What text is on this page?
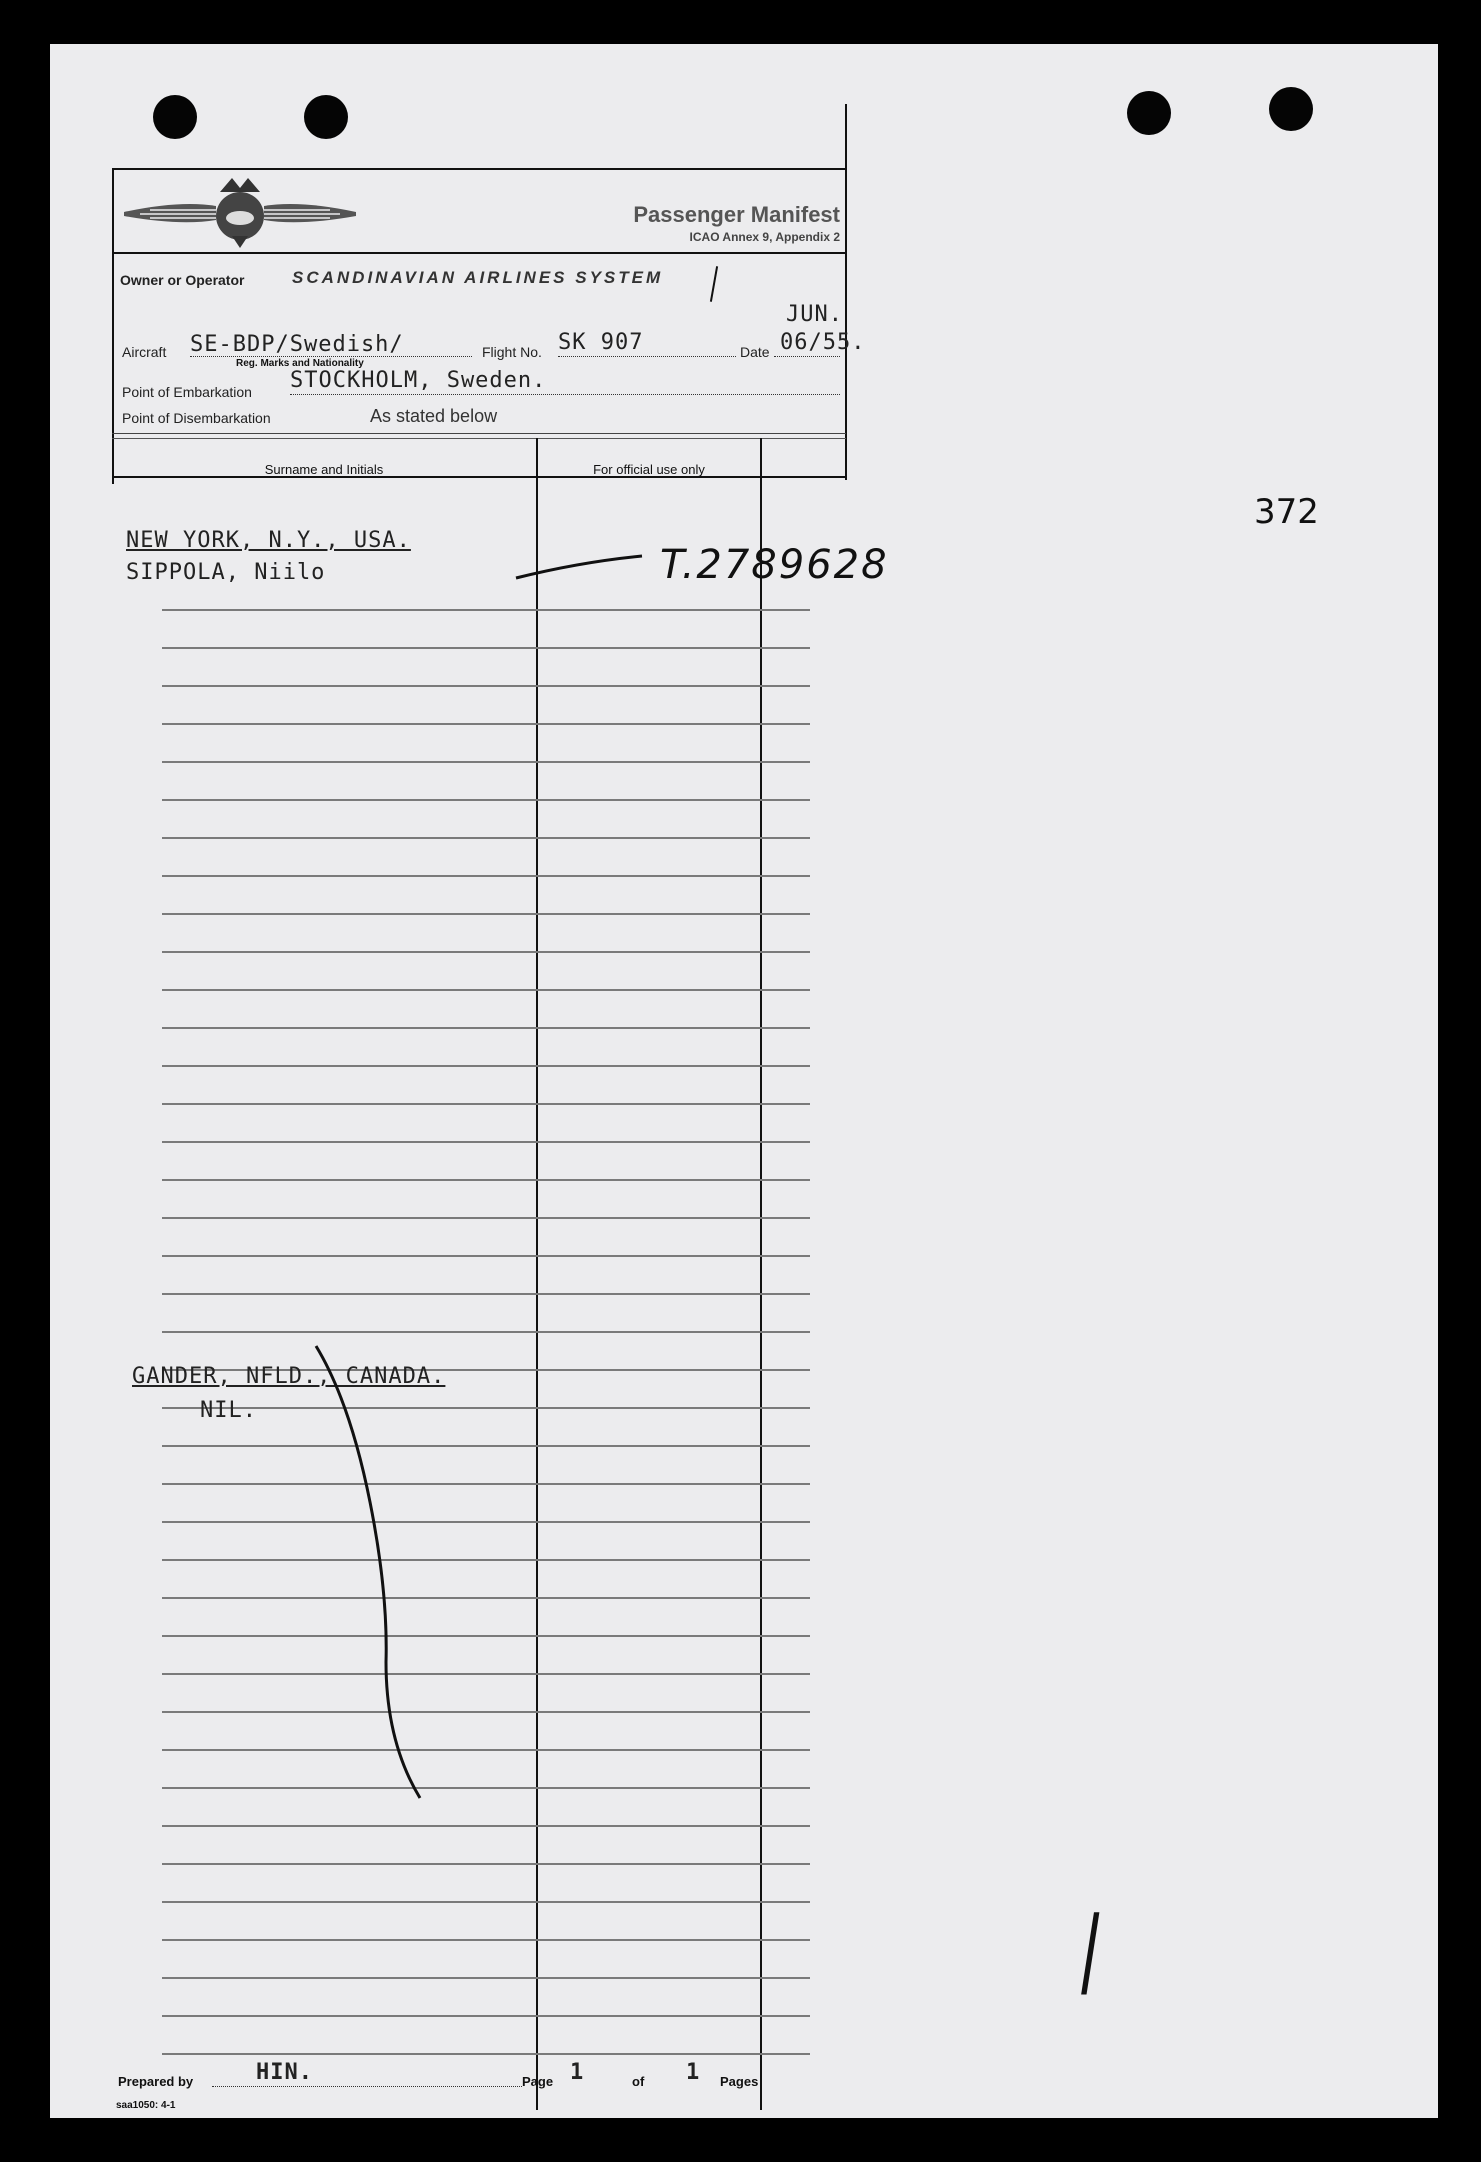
Passenger Manifest
ICAO Annex 9, Appendix 2
Owner or Operator	SCANDINAVIAN AIRLINES SYSTEM
Aircraft SE-BDP/Swedish/
Reg. Marks and Nationality
Flight No. SK 907	Date
JUN.
06/55.
Point of Embarkation STOCKHOLM, Sweden.
Point of Disembarkation	As stated below
Surname and Initials	For official use only
NEW YORK, N.Y., USA.
SIPPOLA, Niilo	T.2789628
GANDER, NFLD., CANADA.
NIL.
372
/
Prepared by	HIN.	Page 1	of 1 Pages
saa1050: 4-1
